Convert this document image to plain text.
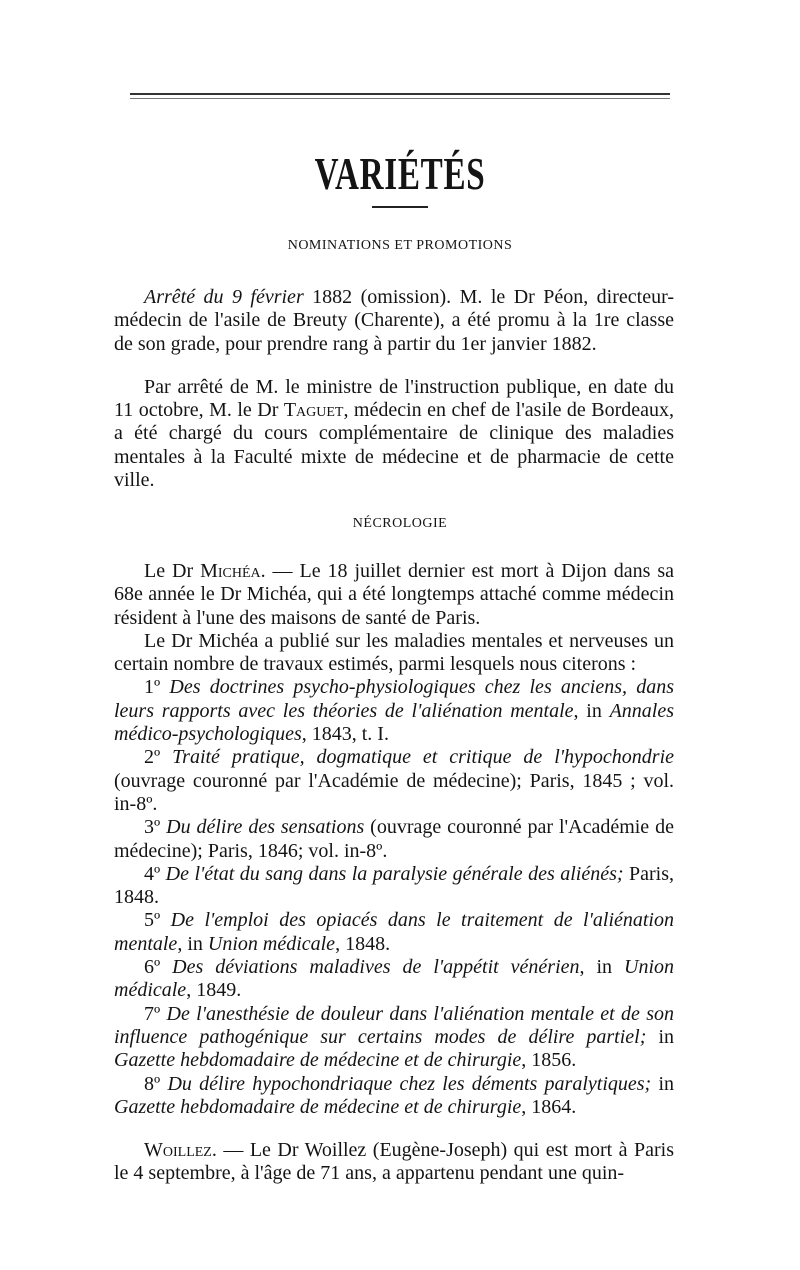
VARIÉTÉS
NOMINATIONS ET PROMOTIONS

Arrêté du 9 février 1882 (omission). M. le Dr Péon, directeur-médecin de l'asile de Breuty (Charente), a été promu à la 1re classe de son grade, pour prendre rang à partir du 1er janvier 1882.

Par arrêté de M. le ministre de l'instruction publique, en date du 11 octobre, M. le Dr Taguet, médecin en chef de l'asile de Bordeaux, a été chargé du cours complémentaire de clinique des maladies mentales à la Faculté mixte de médecine et de pharmacie de cette ville.

NÉCROLOGIE

Le Dr Michéa. — Le 18 juillet dernier est mort à Dijon dans sa 68e année le Dr Michéa, qui a été longtemps attaché comme médecin résident à l'une des maisons de santé de Paris.

Le Dr Michéa a publié sur les maladies mentales et nerveuses un certain nombre de travaux estimés, parmi lesquels nous citerons :

1º Des doctrines psycho-physiologiques chez les anciens, dans leurs rapports avec les théories de l'aliénation mentale, in Annales médico-psychologiques, 1843, t. I.

2º Traité pratique, dogmatique et critique de l'hypochondrie (ouvrage couronné par l'Académie de médecine); Paris, 1845 ; vol. in-8º.

3º Du délire des sensations (ouvrage couronné par l'Académie de médecine); Paris, 1846; vol. in-8º.

4º De l'état du sang dans la paralysie générale des aliénés; Paris, 1848.

5º De l'emploi des opiacés dans le traitement de l'aliénation mentale, in Union médicale, 1848.

6º Des déviations maladives de l'appétit vénérien, in Union médicale, 1849.

7º De l'anesthésie de douleur dans l'aliénation mentale et de son influence pathogénique sur certains modes de délire partiel; in Gazette hebdomadaire de médecine et de chirurgie, 1856.

8º Du délire hypochondriaque chez les déments paralytiques; in Gazette hebdomadaire de médecine et de chirurgie, 1864.

Woillez. — Le Dr Woillez (Eugène-Joseph) qui est mort à Paris le 4 septembre, à l'âge de 71 ans, a appartenu pendant une quin-
